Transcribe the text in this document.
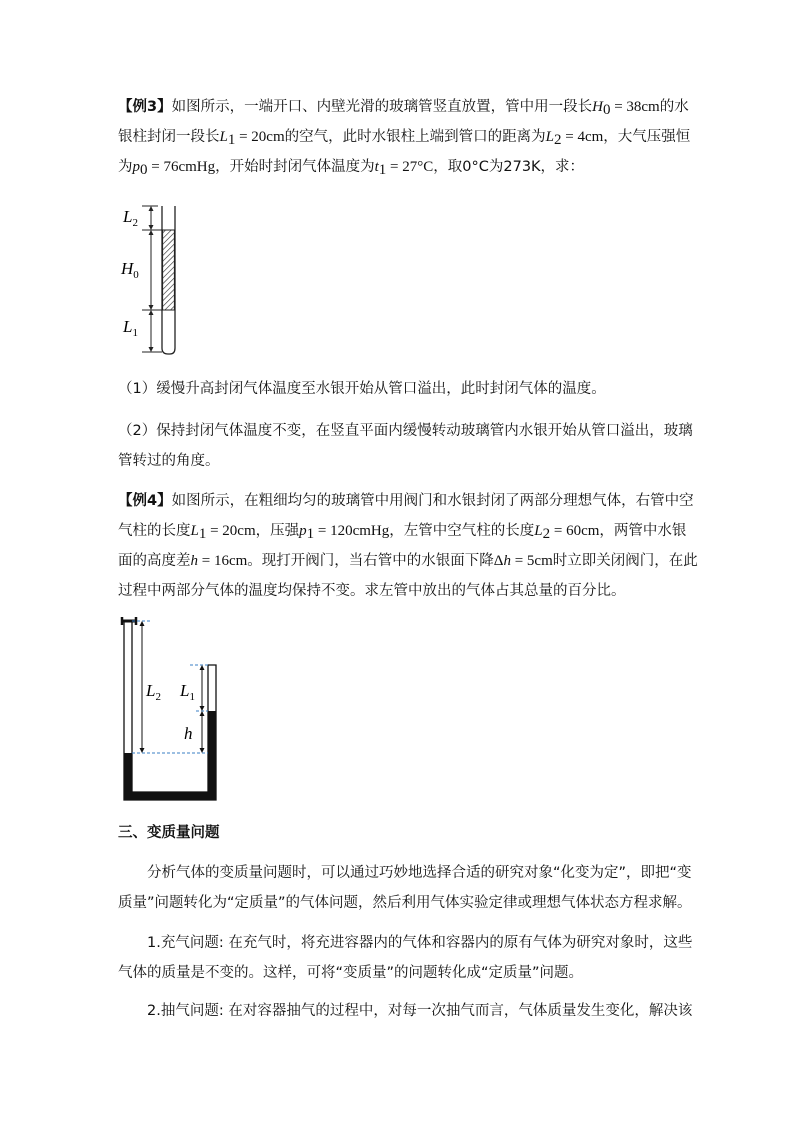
【例3】如图所示，一端开口、内壁光滑的玻璃管竖直放置，管中用一段长$H_0 = 38cm$的水
银柱封闭一段长$L_1 = 20cm$的空气，此时水银柱上端到管口的距离为$L_2 = 4cm$，大气压强恒
为$p_0$ = 76cmHg，开始时封闭气体温度为$t_1 = 27^\circ C$，取0°C为273K，求：
$L_2$
$H_0$
$L_1$
（1）缓慢升高封闭气体温度至水银开始从管口溢出，此时封闭气体的温度。
（2）保持封闭气体温度不变，在竖直平面内缓慢转动玻璃管内水银开始从管口溢出，玻璃
管转过的角度。
【例4】如图所示，在粗细均匀的玻璃管中用阀门和水银封闭了两部分理想气体，右管中空
气柱的长度$L_1 = 20cm$，压强$p_1$ = 120cmHg，左管中空气柱的长度$L_2 = 60cm$，两管中水银
面的高度差h = 16cm。现打开阀门，当右管中的水银面下降Δh = 5cm时立即关闭阀门，在此
过程中两部分气体的温度均保持不变。求左管中放出的气体占其总量的百分比。
$L_2$ $L_1$
h
三、变质量问题
分析气体的变质量问题时，可以通过巧妙地选择合适的研究对象“化变为定”，即把“变
质量”问题转化为“定质量”的气体问题，然后利用气体实验定律或理想气体状态方程求解。
1.充气问题: 在充气时，将充进容器内的气体和容器内的原有气体为研究对象时，这些
气体的质量是不变的。这样，可将“变质量”的问题转化成“定质量”问题。
2.抽气问题: 在对容器抽气的过程中，对每一次抽气而言，气体质量发生变化，解决该
